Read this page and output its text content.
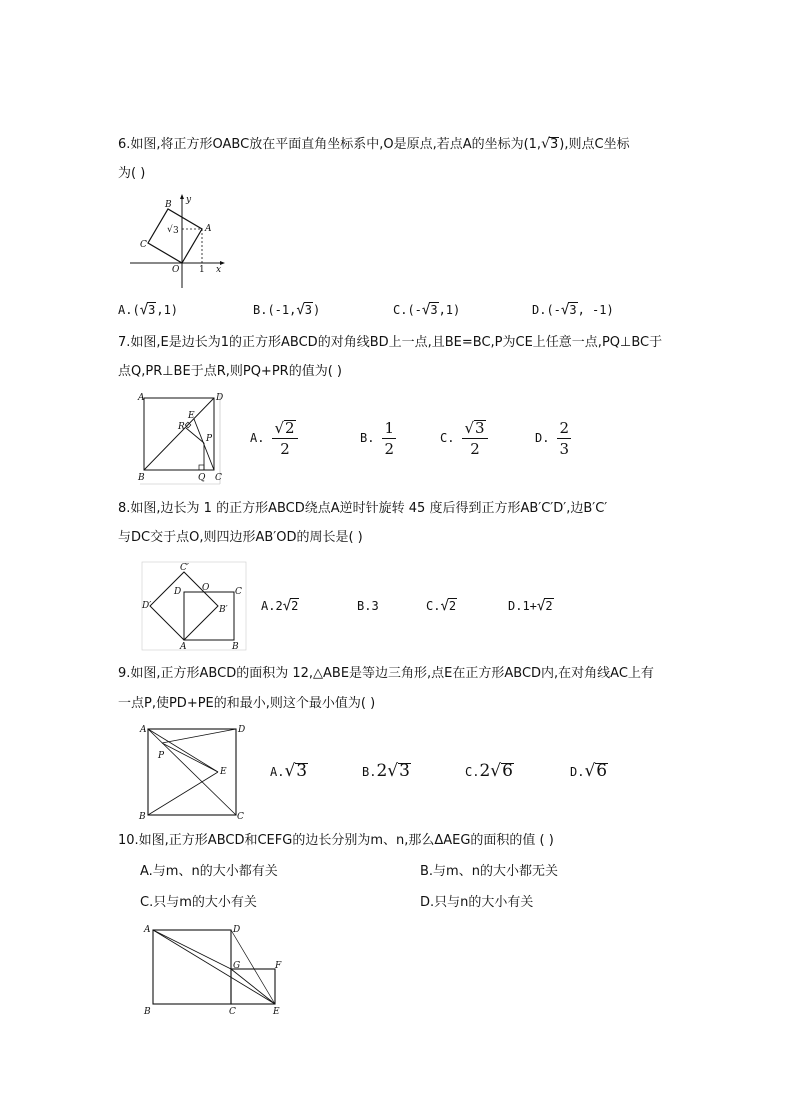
6.如图,将正方形OABC放在平面直角坐标系中,O是原点,若点A的坐标为(1,√3),则点C坐标
为( )
y
x
B
A
C
O 1
√ 3
A.(√3,1)	B.(-1,√3)	C.(-√3,1)	D.(-√3, -1)
7.如图,E是边长为1的正方形ABCD的对角线BD上一点,且BE=BC,P为CE上任意一点,PQ⊥BC于
点Q,PR⊥BE于点R,则PQ+PR的值为( )
A	D
E
R
P
B	Q C
A. $\frac{√2}{2}$	B. $\frac{1}{2}$	C. $\frac{√3}{2}$	D. $\frac{2}{3}$
8.如图,边长为 1 的正方形ABCD绕点A逆时针旋转 45 度后得到正方形AB′C′D′,边B′C′
与DC交于点O,则四边形AB′OD的周长是( )
C′
O
D	C
D′	B′
A	B
A.2√2	B.3	C.√2	D.1+√2
9.如图,正方形ABCD的面积为 12,△ABE是等边三角形,点E在正方形ABCD内,在对角线AC上有
一点P,使PD+PE的和最小,则这个最小值为( )
A	D
P
E
B	C
A.√3	B.2√3	C.2√6	D.√6
10.如图,正方形ABCD和CEFG的边长分别为m、n,那么ΔAEG的面积的值 ( )
A.与m、n的大小都有关	B.与m、n的大小都无关
C.只与m的大小有关	D.只与n的大小有关
A	D
G	F
B	C	E
